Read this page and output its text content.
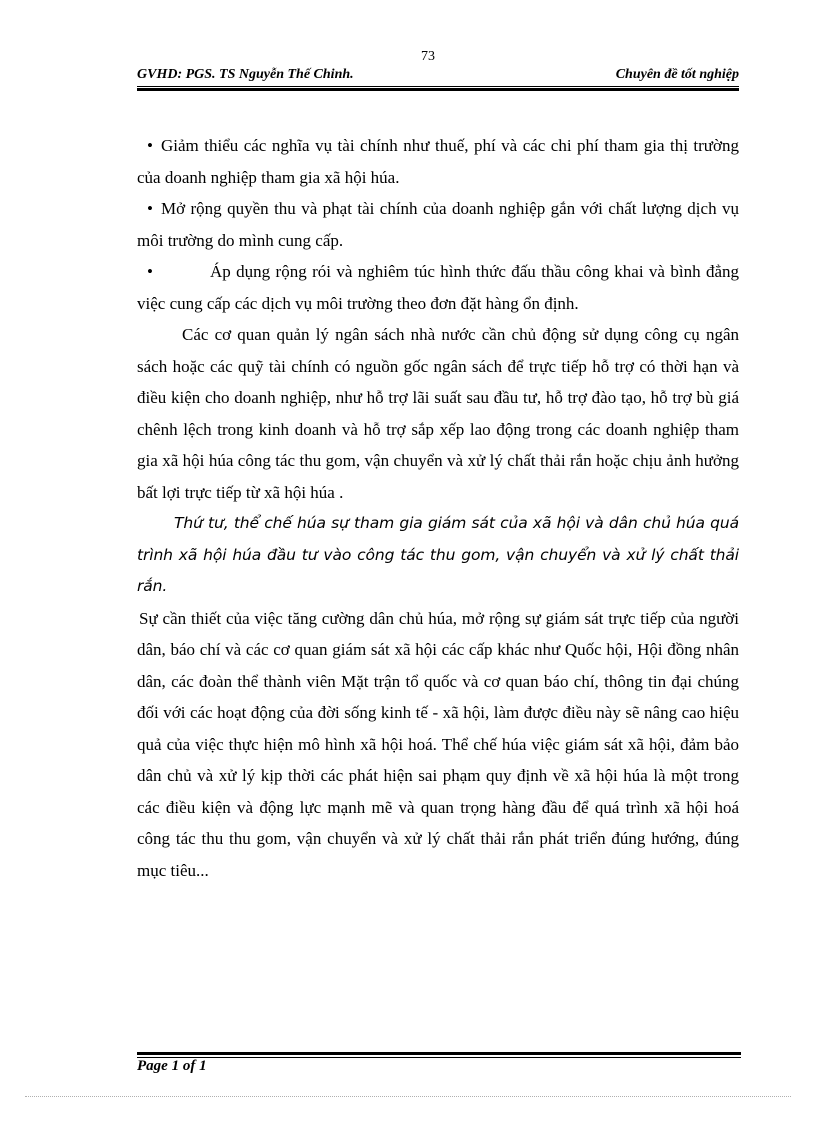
73
GVHD: PGS. TS Nguyễn Thế Chinh.	Chuyên đề tốt nghiệp

• Giảm thiểu các nghĩa vụ tài chính như thuế, phí và các chi phí tham gia thị trường của doanh nghiệp tham gia xã hội húa.

• Mở rộng quyền thu và phạt tài chính của doanh nghiệp gắn với chất lượng dịch vụ môi trường do mình cung cấp.

•	Áp dụng rộng rói và nghiêm túc hình thức đấu thầu công khai và bình đẳng việc cung cấp các dịch vụ môi trường theo đơn đặt hàng ổn định.

Các cơ quan quản lý ngân sách nhà nước cần chủ động sử dụng công cụ ngân sách hoặc các quỹ tài chính có nguồn gốc ngân sách để trực tiếp hỗ trợ có thời hạn và điều kiện cho doanh nghiệp, như hỗ trợ lãi suất sau đầu tư, hỗ trợ đào tạo, hỗ trợ bù giá chênh lệch trong kinh doanh và hỗ trợ sắp xếp lao động trong các doanh nghiệp tham gia xã hội húa công tác thu gom, vận chuyển và xử lý chất thải rắn hoặc chịu ảnh hưởng bất lợi trực tiếp từ xã hội húa .

Thứ tư, thể chế húa sự tham gia giám sát của xã hội và dân chủ húa quá trình xã hội húa đầu tư vào công tác thu gom, vận chuyển và xử lý chất thải rắn.

Sự cần thiết của việc tăng cường dân chủ húa, mở rộng sự giám sát trực tiếp của người dân, báo chí và các cơ quan giám sát xã hội các cấp khác như Quốc hội, Hội đồng nhân dân, các đoàn thể thành viên Mặt trận tổ quốc và cơ quan báo chí, thông tin đại chúng đối với các hoạt động của đời sống kinh tế - xã hội, làm được điều này sẽ nâng cao hiệu quả của việc thực hiện mô hình xã hội hoá. Thể chế húa việc giám sát xã hội, đảm bảo dân chủ và xử lý kịp thời các phát hiện sai phạm quy định về xã hội húa là một trong các điều kiện và động lực mạnh mẽ và quan trọng hàng đầu để quá trình xã hội hoá công tác thu thu gom, vận chuyển và xử lý chất thải rắn phát triển đúng hướng, đúng mục tiêu...

Page 1 of 1
